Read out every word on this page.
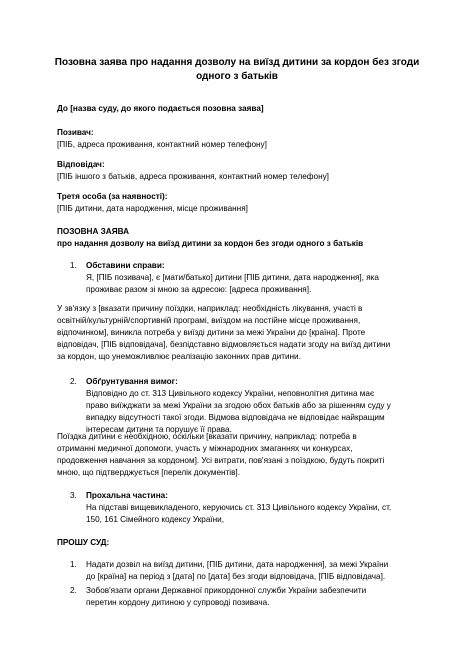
Позовна заява про надання дозволу на виїзд дитини за кордон без згоди
одного з батьків
До [назва суду, до якого подається позовна заява]
Позивач:
[ПІБ, адреса проживання, контактний номер телефону]
Відповідач:
[ПІБ іншого з батьків, адреса проживання, контактний номер телефону]
Третя особа (за наявності):
[ПІБ дитини, дата народження, місце проживання]
ПОЗОВНА ЗАЯВА
про надання дозволу на виїзд дитини за кордон без згоди одного з батьків
1. Обставини справи:
Я, [ПІБ позивача], є [мати/батько] дитини [ПІБ дитини, дата народження], яка
проживає разом зі мною за адресою: [адреса проживання].
У зв'язку з [вказати причину поїздки, наприклад: необхідність лікування, участі в
освітній/культурній/спортивній програмі, виїздом на постійне місце проживання,
відпочинком], виникла потреба у виїзді дитини за межі України до [країна]. Проте
відповідач, [ПІБ відповідача], безпідставно відмовляється надати згоду на виїзд дитини
за кордон, що унеможливлює реалізацію законних прав дитини.
2. Обґрунтування вимог:
Відповідно до ст. 313 Цивільного кодексу України, неповнолітня дитина має
право виїжджати за межі України за згодою обох батьків або за рішенням суду у
випадку відсутності такої згоди. Відмова відповідача не відповідає найкращим
інтересам дитини та порушує її права.
Поїздка дитини є необхідною, оскільки [вказати причину, наприклад: потреба в
отриманні медичної допомоги, участь у міжнародних змаганнях чи конкурсах,
продовження навчання за кордоном]. Усі витрати, пов'язані з поїздкою, будуть покриті
мною, що підтверджується [перелік документів].
3. Прохальна частина:
На підставі вищевикладеного, керуючись ст. 313 Цивільного кодексу України, ст.
150, 161 Сімейного кодексу України,
ПРОШУ СУД:
1. Надати дозвіл на виїзд дитини, [ПІБ дитини, дата народження], за межі України
до [країна] на період з [дата] по [дата] без згоди відповідача, [ПІБ відповідача].
2. Зобов'язати органи Державної прикордонної служби України забезпечити
перетин кордону дитиною у супроводі позивача.
